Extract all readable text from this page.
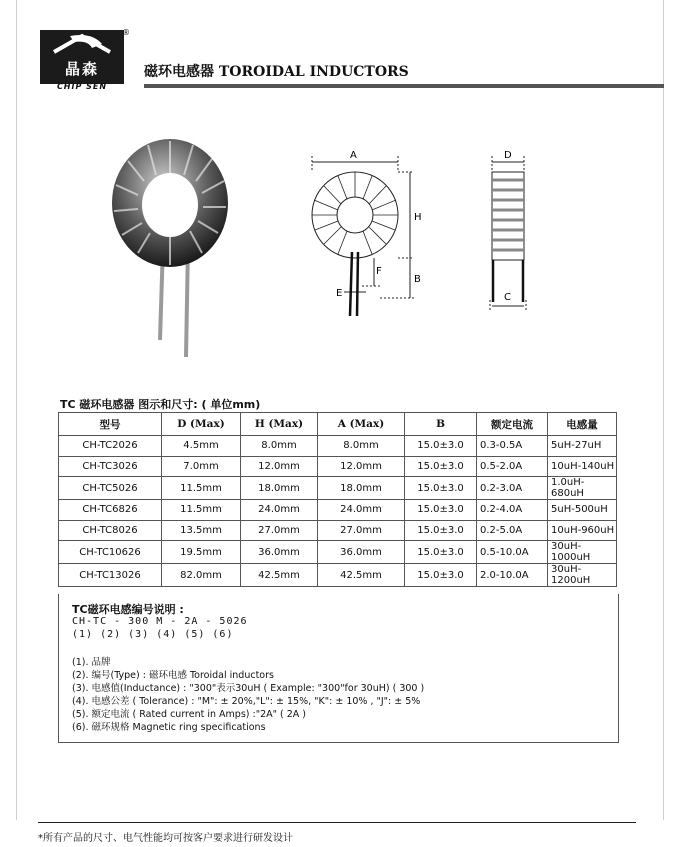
晶森
CHIP SEN
®
磁环电感器 TOROIDAL INDUCTORS
A
H
F
B
E
D
C
TC 磁环电感器 图示和尺寸: ( 单位mm)
型号	D (Max)	H (Max)	A (Max)	B	额定电流	电感量
CH-TC2026	4.5mm	8.0mm	8.0mm	15.0±3.0	0.3-0.5A	5uH-27uH
CH-TC3026	7.0mm	12.0mm	12.0mm	15.0±3.0	0.5-2.0A	10uH-140uH
CH-TC5026	11.5mm	18.0mm	18.0mm	15.0±3.0	0.2-3.0A	1.0uH-680uH
CH-TC6826	11.5mm	24.0mm	24.0mm	15.0±3.0	0.2-4.0A	5uH-500uH
CH-TC8026	13.5mm	27.0mm	27.0mm	15.0±3.0	0.2-5.0A	10uH-960uH
CH-TC10626	19.5mm	36.0mm	36.0mm	15.0±3.0	0.5-10.0A	30uH-1000uH
CH-TC13026	82.0mm	42.5mm	42.5mm	15.0±3.0	2.0-10.0A	30uH-1200uH
TC磁环电感编号说明 :
CH-TC - 300 M - 2A - 5026
(1) (2) (3) (4) (5) (6)
(1). 品牌
(2). 编号(Type) : 磁环电感 Toroidal inductors
(3). 电感值(Inductance) : "300"表示30uH ( Example: "300"for 30uH) ( 300 )
(4). 电感公差 ( Tolerance) : "M": ± 20%,"L": ± 15%, "K": ± 10% , "J": ± 5%
(5). 额定电流 ( Rated current in Amps) :"2A" ( 2A )
(6). 磁环规格 Magnetic ring specifications
*所有产品的尺寸、电气性能均可按客户要求进行研发设计
